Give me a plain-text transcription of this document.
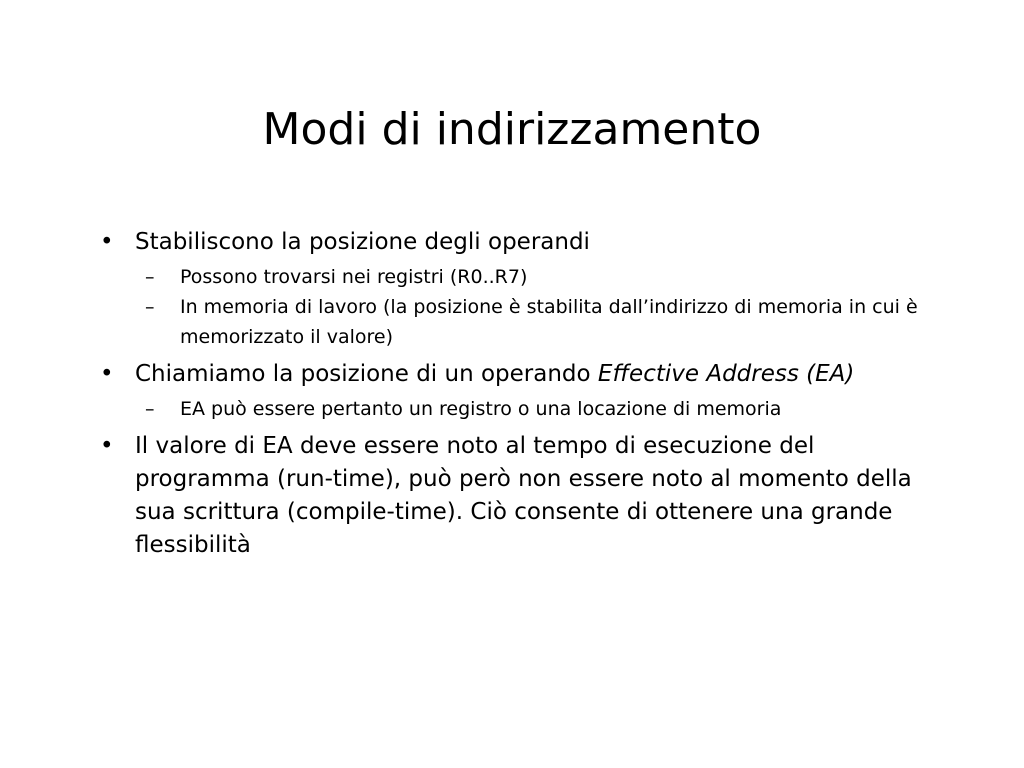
Modi di indirizzamento
• Stabiliscono la posizione degli operandi
– Possono trovarsi nei registri (R0..R7)
– In memoria di lavoro (la posizione è stabilita dall’indirizzo di memoria in cui è memorizzato il valore)
• Chiamiamo la posizione di un operando Effective Address (EA)
– EA può essere pertanto un registro o una locazione di memoria
• Il valore di EA deve essere noto al tempo di esecuzione del programma (run-time), può però non essere noto al momento della sua scrittura (compile-time). Ciò consente di ottenere una grande flessibilità
